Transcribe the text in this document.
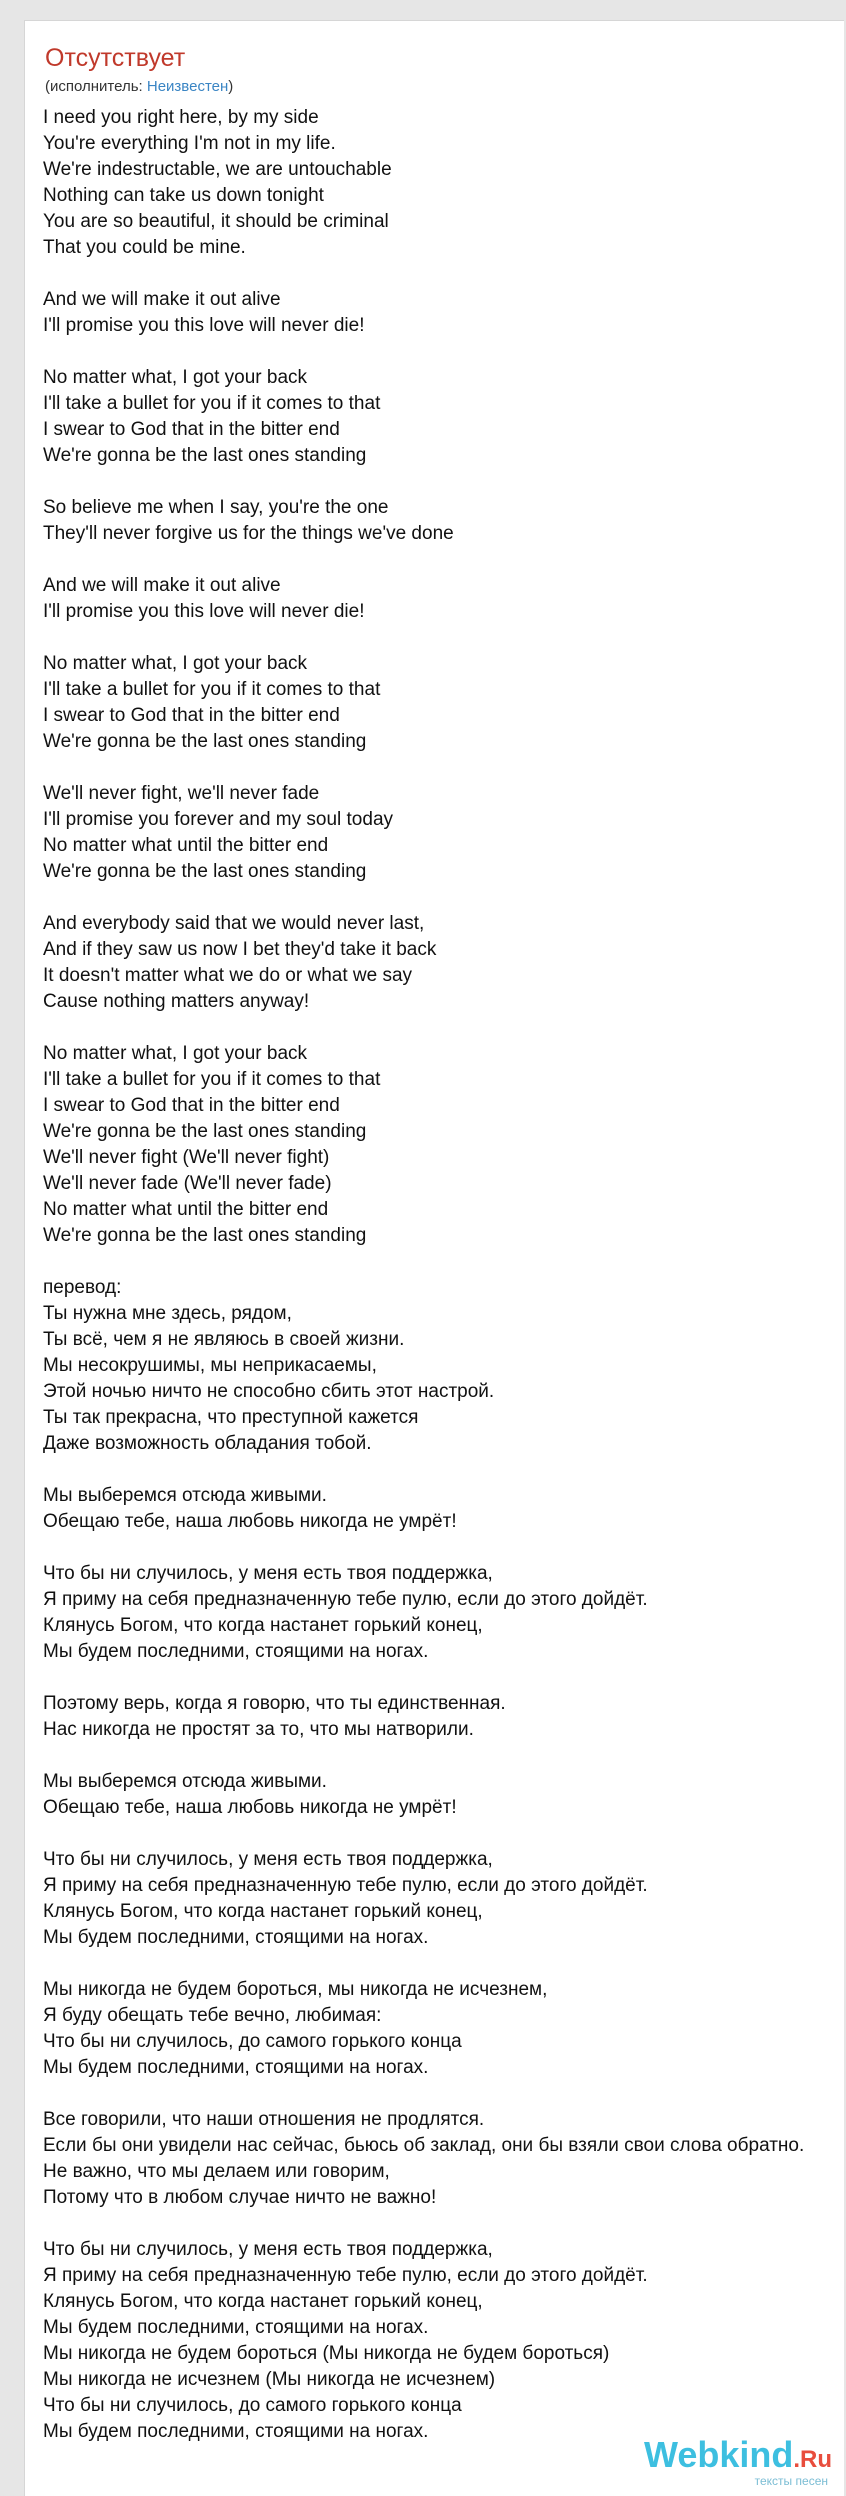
Отсутствует
(исполнитель: Неизвестен)
I need you right here, by my side
You're everything I'm not in my life.
We're indestructable, we are untouchable
Nothing can take us down tonight
You are so beautiful, it should be criminal
That you could be mine.
And we will make it out alive
I'll promise you this love will never die!
No matter what, I got your back
I'll take a bullet for you if it comes to that
I swear to God that in the bitter end
We're gonna be the last ones standing
So believe me when I say, you're the one
They'll never forgive us for the things we've done
And we will make it out alive
I'll promise you this love will never die!
No matter what, I got your back
I'll take a bullet for you if it comes to that
I swear to God that in the bitter end
We're gonna be the last ones standing
We'll never fight, we'll never fade
I'll promise you forever and my soul today
No matter what until the bitter end
We're gonna be the last ones standing
And everybody said that we would never last,
And if they saw us now I bet they'd take it back
It doesn't matter what we do or what we say
Cause nothing matters anyway!
No matter what, I got your back
I'll take a bullet for you if it comes to that
I swear to God that in the bitter end
We're gonna be the last ones standing
We'll never fight (We'll never fight)
We'll never fade (We'll never fade)
No matter what until the bitter end
We're gonna be the last ones standing
перевод:
Ты нужна мне здесь, рядом,
Ты всё, чем я не являюсь в своей жизни.
Мы несокрушимы, мы неприкасаемы,
Этой ночью ничто не способно сбить этот настрой.
Ты так прекрасна, что преступной кажется
Даже возможность обладания тобой.
Мы выберемся отсюда живыми.
Обещаю тебе, наша любовь никогда не умрёт!
Что бы ни случилось, у меня есть твоя поддержка,
Я приму на себя предназначенную тебе пулю, если до этого дойдёт.
Клянусь Богом, что когда настанет горький конец,
Мы будем последними, стоящими на ногах.
Поэтому верь, когда я говорю, что ты единственная.
Нас никогда не простят за то, что мы натворили.
Мы выберемся отсюда живыми.
Обещаю тебе, наша любовь никогда не умрёт!
Что бы ни случилось, у меня есть твоя поддержка,
Я приму на себя предназначенную тебе пулю, если до этого дойдёт.
Клянусь Богом, что когда настанет горький конец,
Мы будем последними, стоящими на ногах.
Мы никогда не будем бороться, мы никогда не исчезнем,
Я буду обещать тебе вечно, любимая:
Что бы ни случилось, до самого горького конца
Мы будем последними, стоящими на ногах.
Все говорили, что наши отношения не продлятся.
Если бы они увидели нас сейчас, бьюсь об заклад, они бы взяли свои слова обратно.
Не важно, что мы делаем или говорим,
Потому что в любом случае ничто не важно!
Что бы ни случилось, у меня есть твоя поддержка,
Я приму на себя предназначенную тебе пулю, если до этого дойдёт.
Клянусь Богом, что когда настанет горький конец,
Мы будем последними, стоящими на ногах.
Мы никогда не будем бороться (Мы никогда не будем бороться)
Мы никогда не исчезнем (Мы никогда не исчезнем)
Что бы ни случилось, до самого горького конца
Мы будем последними, стоящими на ногах.
Webkind.Ru
тексты песен
